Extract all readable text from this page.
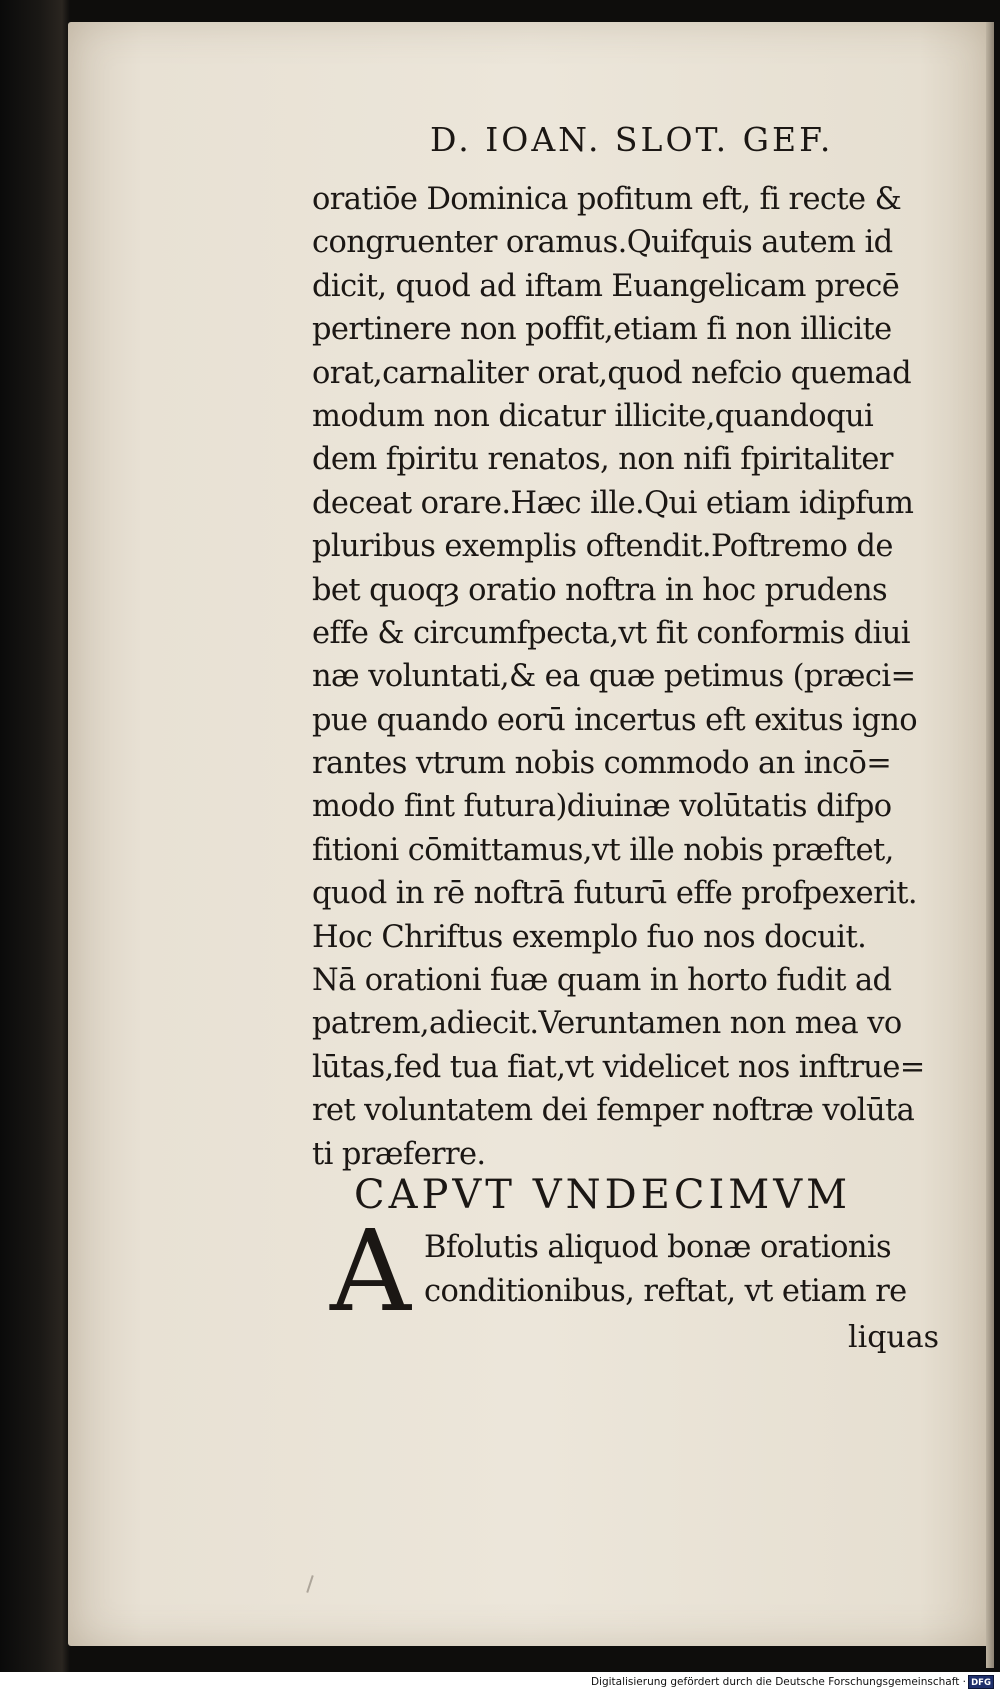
D. IOAN. SLOT. GEF.
oratiōe Dominica pofitum eft, fi recte &
congruenter oramus.Quifquis autem id
dicit, quod ad iftam Euangelicam precē
pertinere non poffit,etiam fi non illicite
orat,carnaliter orat,quod nefcio quemad
modum non dicatur illicite,quandoqui
dem fpiritu renatos, non nifi fpiritaliter
deceat orare.Hæc ille.Qui etiam idipfum
pluribus exemplis oftendit.Poftremo de
bet quoqȝ oratio noftra in hoc prudens
effe & circumfpecta,vt fit conformis diui
næ voluntati,& ea quæ petimus (præci=
pue quando eorū incertus eft exitus igno
rantes vtrum nobis commodo an incō=
modo fint futura)diuinæ volūtatis difpo
fitioni cōmittamus,vt ille nobis præftet,
quod in rē noftrā futurū effe profpexerit.
Hoc Chriftus exemplo fuo nos docuit.
Nā orationi fuæ quam in horto fudit ad
patrem,adiecit.Veruntamen non mea vo
lūtas,fed tua fiat,vt videlicet nos inftrue=
ret voluntatem dei femper noftræ volūta
ti præferre.
CAPVT VNDECIMVM
A Bfolutis aliquod bonæ orationis
conditionibus, reftat, vt etiam re
liquas
Digitalisierung gefördert durch die Deutsche Forschungsgemeinschaft · DFG
